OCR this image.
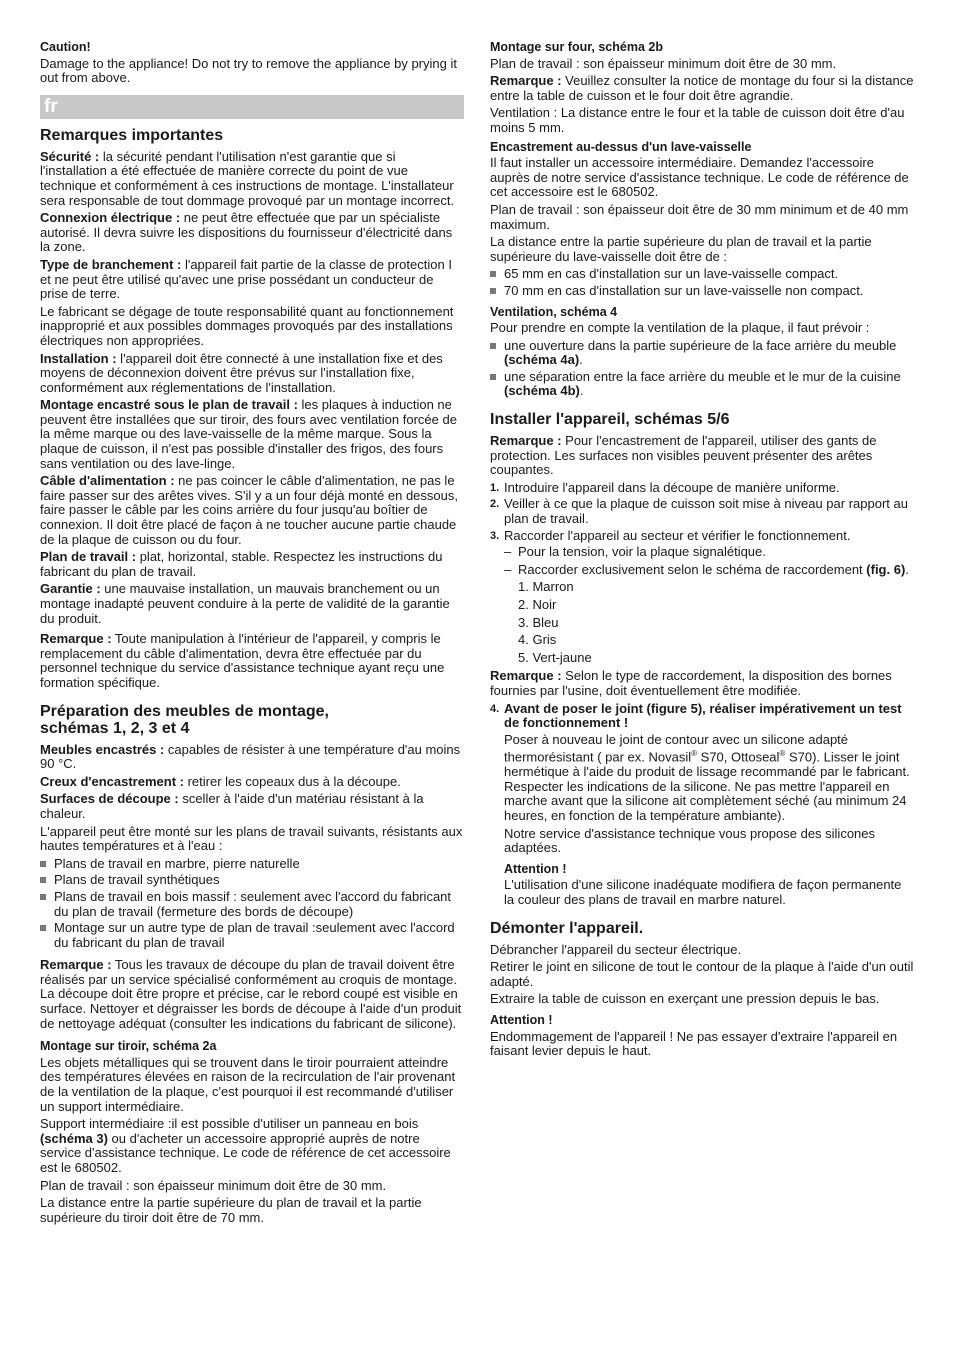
Caution!

Damage to the appliance! Do not try to remove the appliance by prying it out from above.

fr
Remarques importantes

Sécurité : la sécurité pendant l'utilisation n'est garantie que si l'installation a été effectuée de manière correcte du point de vue technique et conformément à ces instructions de montage. L'installateur sera responsable de tout dommage provoqué par un montage incorrect.

Connexion électrique : ne peut être effectuée que par un spécialiste autorisé. Il devra suivre les dispositions du fournisseur d'électricité dans la zone.

Type de branchement : l'appareil fait partie de la classe de protection I et ne peut être utilisé qu'avec une prise possédant un conducteur de prise de terre.

Le fabricant se dégage de toute responsabilité quant au fonctionnement inapproprié et aux possibles dommages provoqués par des installations électriques non appropriées.

Installation : l'appareil doit être connecté à une installation fixe et des moyens de déconnexion doivent être prévus sur l'installation fixe, conformément aux réglementations de l'installation.

Montage encastré sous le plan de travail : les plaques à induction ne peuvent être installées que sur tiroir, des fours avec ventilation forcée de la même marque ou des lave-vaisselle de la même marque. Sous la plaque de cuisson, il n'est pas possible d'installer des frigos, des fours sans ventilation ou des lave-linge.

Câble d'alimentation : ne pas coincer le câble d'alimentation, ne pas le faire passer sur des arêtes vives. S'il y a un four déjà monté en dessous, faire passer le câble par les coins arrière du four jusqu'au boîtier de connexion. Il doit être placé de façon à ne toucher aucune partie chaude de la plaque de cuisson ou du four.

Plan de travail : plat, horizontal, stable. Respectez les instructions du fabricant du plan de travail.

Garantie : une mauvaise installation, un mauvais branchement ou un montage inadapté peuvent conduire à la perte de validité de la garantie du produit.

Remarque : Toute manipulation à l'intérieur de l'appareil, y compris le remplacement du câble d'alimentation, devra être effectuée par du personnel technique du service d'assistance technique ayant reçu une formation spécifique.

Préparation des meubles de montage, schémas 1, 2, 3 et 4

Meubles encastrés : capables de résister à une température d'au moins 90 °C.

Creux d'encastrement : retirer les copeaux dus à la découpe.

Surfaces de découpe : sceller à l'aide d'un matériau résistant à la chaleur.

L'appareil peut être monté sur les plans de travail suivants, résistants aux hautes températures et à l'eau :

Plans de travail en marbre, pierre naturelle
Plans de travail synthétiques
Plans de travail en bois massif : seulement avec l'accord du fabricant du plan de travail (fermeture des bords de découpe)
Montage sur un autre type de plan de travail :seulement avec l'accord du fabricant du plan de travail

Remarque : Tous les travaux de découpe du plan de travail doivent être réalisés par un service spécialisé conformément au croquis de montage. La découpe doit être propre et précise, car le rebord coupé est visible en surface. Nettoyer et dégraisser les bords de découpe à l'aide d'un produit de nettoyage adéquat (consulter les indications du fabricant de silicone).

Montage sur tiroir, schéma 2a

Les objets métalliques qui se trouvent dans le tiroir pourraient atteindre des températures élevées en raison de la recirculation de l'air provenant de la ventilation de la plaque, c'est pourquoi il est recommandé d'utiliser un support intermédiaire.

Support intermédiaire :il est possible d'utiliser un panneau en bois (schéma 3) ou d'acheter un accessoire approprié auprès de notre service d'assistance technique. Le code de référence de cet accessoire est le 680502.

Plan de travail : son épaisseur minimum doit être de 30 mm.

La distance entre la partie supérieure du plan de travail et la partie supérieure du tiroir doit être de 70 mm.

Montage sur four, schéma 2b

Plan de travail : son épaisseur minimum doit être de 30 mm.

Remarque : Veuillez consulter la notice de montage du four si la distance entre la table de cuisson et le four doit être agrandie.

Ventilation : La distance entre le four et la table de cuisson doit être d'au moins 5 mm.

Encastrement au-dessus d'un lave-vaisselle

Il faut installer un accessoire intermédiaire. Demandez l'accessoire auprès de notre service d'assistance technique. Le code de référence de cet accessoire est le 680502.

Plan de travail : son épaisseur doit être de 30 mm minimum et de 40 mm maximum.

La distance entre la partie supérieure du plan de travail et la partie supérieure du lave-vaisselle doit être de :

65 mm en cas d'installation sur un lave-vaisselle compact.
70 mm en cas d'installation sur un lave-vaisselle non compact.

Ventilation, schéma 4

Pour prendre en compte la ventilation de la plaque, il faut prévoir :

une ouverture dans la partie supérieure de la face arrière du meuble (schéma 4a).
une séparation entre la face arrière du meuble et le mur de la cuisine (schéma 4b).
Installer l'appareil, schémas 5/6

Remarque : Pour l'encastrement de l'appareil, utiliser des gants de protection. Les surfaces non visibles peuvent présenter des arêtes coupantes.

1. Introduire l'appareil dans la découpe de manière uniforme.
2. Veiller à ce que la plaque de cuisson soit mise à niveau par rapport au plan de travail.
3. Raccorder l'appareil au secteur et vérifier le fonctionnement.
– Pour la tension, voir la plaque signalétique.
– Raccorder exclusivement selon le schéma de raccordement (fig. 6).
1. Marron
2. Noir
3. Bleu
4. Gris
5. Vert-jaune

Remarque : Selon le type de raccordement, la disposition des bornes fournies par l'usine, doit éventuellement être modifiée.

4. Avant de poser le joint (figure 5), réaliser impérativement un test de fonctionnement !

Poser à nouveau le joint de contour avec un silicone adapté thermorésistant ( par ex. Novasil® S70, Ottoseal® S70). Lisser le joint hermétique à l'aide du produit de lissage recommandé par le fabricant. Respecter les indications de la silicone. Ne pas mettre l'appareil en marche avant que la silicone ait complètement séché (au minimum 24 heures, en fonction de la température ambiante).

Notre service d'assistance technique vous propose des silicones adaptées.

Attention !

L'utilisation d'une silicone inadéquate modifiera de façon permanente la couleur des plans de travail en marbre naturel.

Démonter l'appareil.

Débrancher l'appareil du secteur électrique.

Retirer le joint en silicone de tout le contour de la plaque à l'aide d'un outil adapté.

Extraire la table de cuisson en exerçant une pression depuis le bas.

Attention !

Endommagement de l'appareil ! Ne pas essayer d'extraire l'appareil en faisant levier depuis le haut.
